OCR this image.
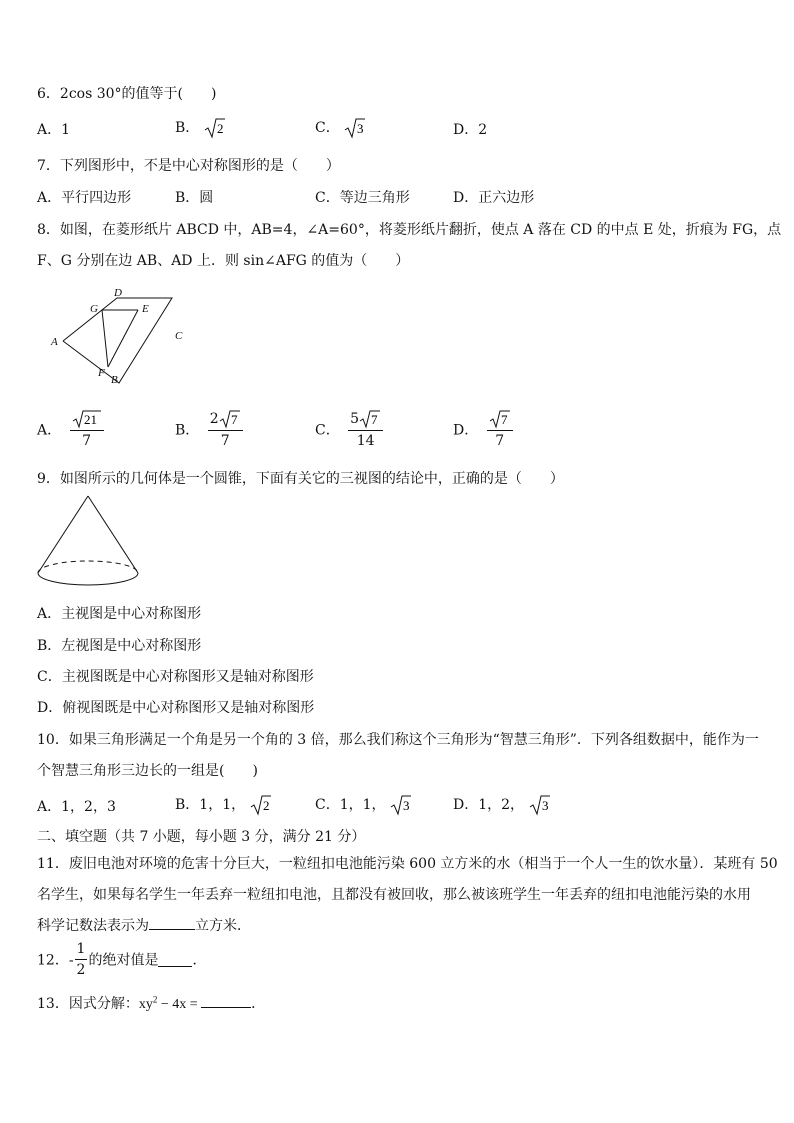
6．2cos 30°的值等于(　　)
A．1	B． 2	C． 3	D．2
7．下列图形中，不是中心对称图形的是（　　）
A．平行四边形	B．圆	C．等边三角形	D．正六边形
8．如图，在菱形纸片 ABCD 中，AB=4，∠A=60°，将菱形纸片翻折，使点 A 落在 CD 的中点 E 处，折痕为 FG，点
F、G 分别在边 AB、AD 上．则 sin∠AFG 的值为（　　）
A
G
D
E
C
F
B
A． $\frac{21}{7}$	B． $\frac{2 7}{7}$	C． $\frac{5 7}{14}$	D． $\frac{7}{7}$
9．如图所示的几何体是一个圆锥，下面有关它的三视图的结论中，正确的是（　　）
A．主视图是中心对称图形
B．左视图是中心对称图形
C．主视图既是中心对称图形又是轴对称图形
D．俯视图既是中心对称图形又是轴对称图形
10．如果三角形满足一个角是另一个角的 3 倍，那么我们称这个三角形为“智慧三角形”．下列各组数据中，能作为一
个智慧三角形三边长的一组是(　　)
A．1，2，3	B．1，1， 2	C．1，1， 3	D．1，2， 3
二、填空题（共 7 小题，每小题 3 分，满分 21 分）
11．废旧电池对环境的危害十分巨大，一粒纽扣电池能污染 600 立方米的水（相当于一个人一生的饮水量）．某班有 50
名学生，如果每名学生一年丢弃一粒纽扣电池，且都没有被回收，那么被该班学生一年丢弃的纽扣电池能污染的水用
科学记数法表示为	立方米．
12．- $\frac{1}{2}$ 的绝对值是 ．
13．因式分解：$xy^2 - 4x$ =	．
